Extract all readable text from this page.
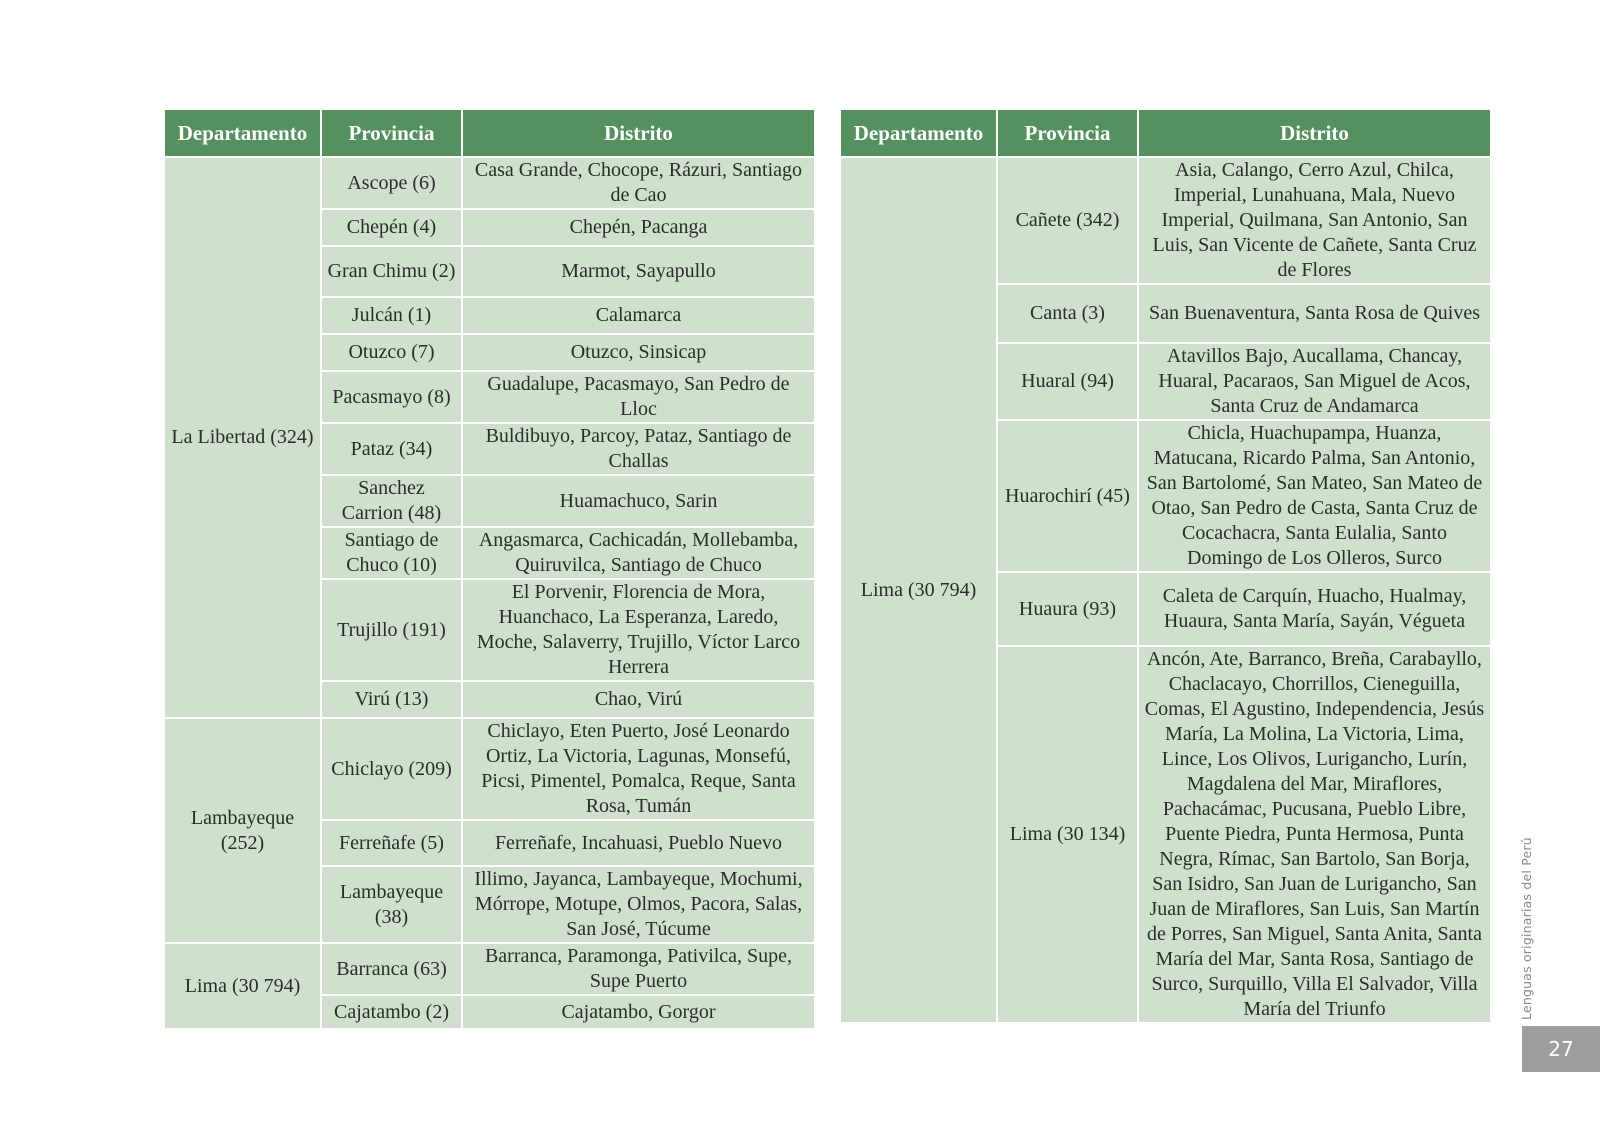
Departamento	Provincia	Distrito
La Libertad (324)	Ascope (6)	Casa Grande, Chocope, Rázuri, Santiago de Cao
	Chepén (4)	Chepén, Pacanga
	Gran Chimu (2)	Marmot, Sayapullo
	Julcán (1)	Calamarca
	Otuzco (7)	Otuzco, Sinsicap
	Pacasmayo (8)	Guadalupe, Pacasmayo, San Pedro de Lloc
	Pataz (34)	Buldibuyo, Parcoy, Pataz, Santiago de Challas
	Sanchez Carrion (48)	Huamachuco, Sarin
	Santiago de Chuco (10)	Angasmarca, Cachicadán, Mollebamba, Quiruvilca, Santiago de Chuco
	Trujillo (191)	El Porvenir, Florencia de Mora, Huanchaco, La Esperanza, Laredo, Moche, Salaverry, Trujillo, Víctor Larco Herrera
	Virú (13)	Chao, Virú
Lambayeque (252)	Chiclayo (209)	Chiclayo, Eten Puerto, José Leonardo Ortiz, La Victoria, Lagunas, Monsefú, Picsi, Pimentel, Pomalca, Reque, Santa Rosa, Tumán
	Ferreñafe (5)	Ferreñafe, Incahuasi, Pueblo Nuevo
	Lambayeque (38)	Illimo, Jayanca, Lambayeque, Mochumi, Mórrope, Motupe, Olmos, Pacora, Salas, San José, Túcume
Lima (30 794)	Barranca (63)	Barranca, Paramonga, Pativilca, Supe, Supe Puerto
	Cajatambo (2)	Cajatambo, Gorgor
Departamento	Provincia	Distrito
Lima (30 794)	Cañete (342)	Asia, Calango, Cerro Azul, Chilca, Imperial, Lunahuana, Mala, Nuevo Imperial, Quilmana, San Antonio, San Luis, San Vicente de Cañete, Santa Cruz de Flores
	Canta (3)	San Buenaventura, Santa Rosa de Quives
	Huaral (94)	Atavillos Bajo, Aucallama, Chancay, Huaral, Pacaraos, San Miguel de Acos, Santa Cruz de Andamarca
	Huarochirí (45)	Chicla, Huachupampa, Huanza, Matucana, Ricardo Palma, San Antonio, San Bartolomé, San Mateo, San Mateo de Otao, San Pedro de Casta, Santa Cruz de Cocachacra, Santa Eulalia, Santo Domingo de Los Olleros, Surco
	Huaura (93)	Caleta de Carquín, Huacho, Hualmay, Huaura, Santa María, Sayán, Végueta
	Lima (30 134)	Ancón, Ate, Barranco, Breña, Carabayllo, Chaclacayo, Chorrillos, Cieneguilla, Comas, El Agustino, Independencia, Jesús María, La Molina, La Victoria, Lima, Lince, Los Olivos, Lurigancho, Lurín, Magdalena del Mar, Miraflores, Pachacámac, Pucusana, Pueblo Libre, Puente Piedra, Punta Hermosa, Punta Negra, Rímac, San Bartolo, San Borja, San Isidro, San Juan de Lurigancho, San Juan de Miraflores, San Luis, San Martín de Porres, San Miguel, Santa Anita, Santa María del Mar, Santa Rosa, Santiago de Surco, Surquillo, Villa El Salvador, Villa María del Triunfo	Lenguas originarias del Perú
27
